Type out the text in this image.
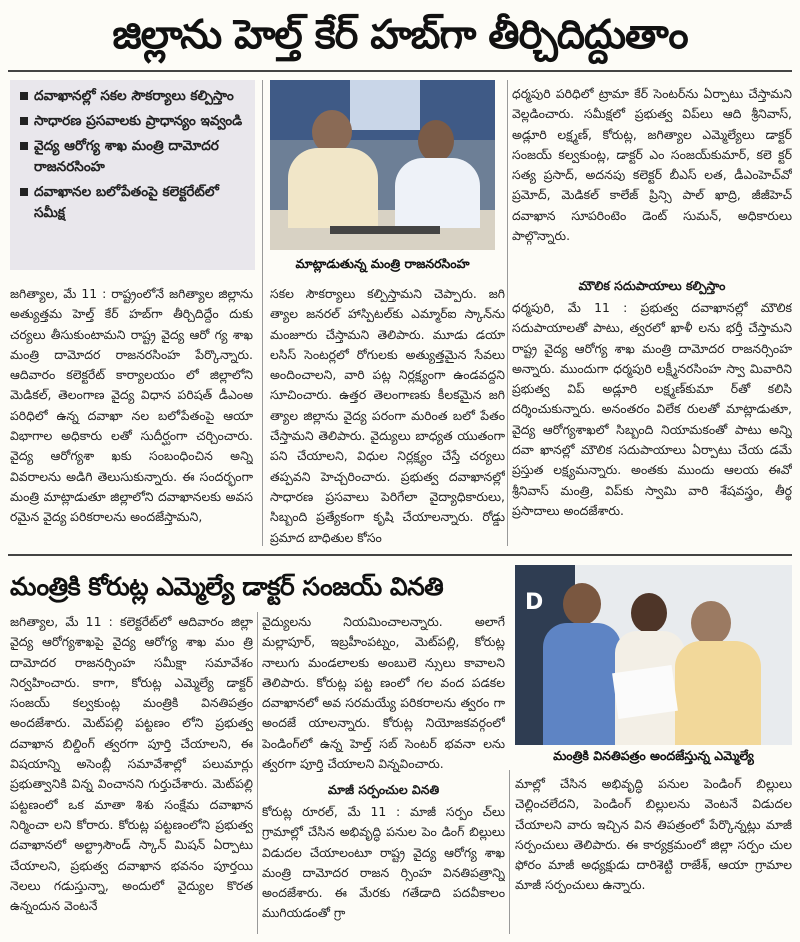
జిల్లాను హెల్త్ కేర్ హబ్‌గా తీర్చిదిద్దుతాం
దవాఖానల్లో సకల సౌకర్యాలు కల్పిస్తాం
సాధారణ ప్రసవాలకు ప్రాధాన్యం ఇవ్వండి
వైద్య ఆరోగ్య శాఖ మంత్రి దామోదర రాజనరసింహ
దవాఖానల బలోపేతంపై కలెక్టరేట్‌లో సమీక్ష
మాట్లాడుతున్న మంత్రి రాజనరసింహ

జగిత్యాల, మే 11 : రాష్ట్రంలోనే జగిత్యాల జిల్లాను అత్యుత్తమ హెల్త్ కేర్ హబ్‌గా తీర్చిదిద్దేం దుకు చర్యలు తీసుకుంటామని రాష్ట్ర వైద్య ఆరో గ్య శాఖ మంత్రి దామోదర రాజనరసింహ పేర్కొన్నారు. ఆదివారం కలెక్టరేట్ కార్యాలయం లో జిల్లాలోని మెడికల్, తెలంగాణ వైద్య విధాన పరిషత్ డీఎంఅ పరిధిలో ఉన్న దవాఖా నల బలోపేతంపై ఆయా విభాగాల అధికారు లతో సుదీర్ఘంగా చర్చించారు. వైద్య ఆరోగ్యశా ఖకు సంబంధించిన అన్ని వివరాలను అడిగి తెలుసుకున్నారు. ఈ సందర్భంగా మంత్రి మాట్లాడుతూ జిల్లాలోని దవాఖానలకు అవస రమైన వైద్య పరికరాలను అందజేస్తామని,

సకల సౌకర్యాలు కల్పిస్తామని చెప్పారు. జగి త్యాల జనరల్ హాస్పిటల్‌కు ఎమ్మార్ఐ స్కాన్‌ను మంజూరు చేస్తామని తెలిపారు. మూడు డయా లసిస్ సెంటర్లలో రోగులకు అత్యుత్తమైన సేవలు అందించాలని, వారి పట్ల నిర్లక్ష్యంగా ఉండవద్దని సూచించారు. ఉత్తర తెలంగాణకు కీలకమైన జగి త్యాల జిల్లాను వైద్య పరంగా మరింత బలో పేతం చేస్తామని తెలిపారు. వైద్యులు బాధ్యత యుతంగా పని చేయాలని, విధుల నిర్లక్ష్యం చేస్తే చర్యలు తప్పవని హెచ్చరించారు. ప్రభుత్వ దవాఖానల్లో సాధారణ ప్రసవాలు పెరిగేలా వైద్యాధికారులు, సిబ్బంది ప్రత్యేకంగా కృషి చేయాలన్నారు. రోడ్డు ప్రమాద బాధితుల కోసం

ధర్మపురి పరిధిలో ట్రామా కేర్ సెంటర్‌ను ఏర్పాటు చేస్తామని వెల్లడించారు. సమీక్షలో ప్రభుత్వ విప్‌లు ఆది శ్రీనివాస్, అడ్లూరి లక్ష్మణ్, కోరుట్ల, జగిత్యాల ఎమ్మెల్యేలు డాక్టర్ సంజయ్ కల్వకుంట్ల, డాక్టర్ ఎం సంజయ్‌కుమార్, కలె క్టర్ సత్య ప్రసాద్, అదనపు కలెక్టర్ బీఎస్ లత, డీఎంహెచ్‌వో ప్రమోద్, మెడికల్ కాలేజ్ ప్రిన్సి పాల్ ఖాద్రి, జీజీహెచ్ దవాఖాన సూపరింటెం డెంట్ సుమన్, అధికారులు పాల్గొన్నారు.

మౌలిక సదుపాయాలు కల్పిస్తాం

ధర్మపురి, మే 11 : ప్రభుత్వ దవాఖానల్లో మౌలిక సదుపాయాలతో పాటు, త్వరలో ఖాళీ లను భర్తీ చేస్తామని రాష్ట్ర వైద్య ఆరోగ్య శాఖ మంత్రి దామోదర రాజనర్సింహ అన్నారు. ముందుగా ధర్మపురి లక్ష్మీనరసింహ స్వా మివారిని ప్రభుత్వ విప్ అడ్లూరి లక్ష్మణ్‌కుమా ర్‌తో కలిసి దర్శించుకున్నారు. అనంతరం విలేక రులతో మాట్లాడుతూ, వైద్య ఆరోగ్యశాఖలో సిబ్బంది నియామకంతో పాటు అన్ని దవా ఖానల్లో మౌలిక సదుపాయాలు ఏర్పాటు చేయ డమే ప్రస్తుత లక్ష్యమన్నారు. అంతకు ముందు ఆలయ ఈవో శ్రీనివాస్ మంత్రి, విప్‌కు స్వామి వారి శేషవస్త్రం, తీర్థ ప్రసాదాలు అందజేశారు.

మంత్రికి కోరుట్ల ఎమ్మెల్యే డాక్టర్ సంజయ్ వినతి
D
మంత్రికి వినతిపత్రం అందజేస్తున్న ఎమ్మెల్యే

జగిత్యాల, మే 11 : కలెక్టరేట్‌లో ఆదివారం జిల్లా వైద్య ఆరోగ్యశాఖపై వైద్య ఆరోగ్య శాఖ మం త్రి దామోదర రాజనర్సింహ సమీక్షా సమావేశం నిర్వహించారు. కాగా, కోరుట్ల ఎమ్మెల్యే డాక్టర్ సంజయ్ కల్వకుంట్ల మంత్రికి వినతిపత్రం అందజేశారు. మెట్‌పల్లి పట్టణం లోని ప్రభుత్వ దవాఖాన బిల్డింగ్ త్వరగా పూర్తి చేయాలని, ఈ విషయాన్ని అసెంబ్లీ సమావేశాల్లో పలుమార్లు ప్రభుత్వానికి విన్న వించానని గుర్తుచేశారు. మెట్‌పల్లి పట్టణంలో ఒక మాతా శిశు సంక్షేమ దవాఖాన నిర్మించా లని కోరారు. కోరుట్ల పట్టణంలోని ప్రభుత్వ దవాఖానలో అల్ట్రాసౌండ్ స్కాన్ మిషన్ ఏర్పాటు చేయాలని, ప్రభుత్వ దవాఖాన భవనం పూర్తయి నెలలు గడుస్తున్నా, అందులో వైద్యుల కొరత ఉన్నందున వెంటనే

వైద్యులను నియమించాలన్నారు. అలాగే మల్లాపూర్, ఇబ్రహీంపట్నం, మెట్‌పల్లి, కోరుట్ల నాలుగు మండలాలకు అంబులె న్సులు కావాలని తెలిపారు. కోరుట్ల పట్ట ణంలో గల వంద పడకల దవాఖానలో అవ సరమయ్యే పరికరాలను త్వరం గా అందజే యాలన్నారు. కోరుట్ల నియోజకవర్గంలో పెండింగ్‌లో ఉన్న హెల్త్ సబ్ సెంటర్ భవనా లను త్వరగా పూర్తి చేయాలని విన్నవించారు.

మాజీ సర్పంచుల వినతి

కోరుట్ల రూరల్, మే 11 : మాజీ సర్పం చ్‌లు గ్రామాల్లో చేసిన అభివృద్ధి పనుల పెం డింగ్ బిల్లులు విడుదల చేయాలంటూ రాష్ట్ర వైద్య ఆరోగ్య శాఖ మంత్రి దామోదర రాజన ర్సింహ వినతిపత్రాన్ని అందజేశారు. ఈ మేరకు గతేడాది పదవీకాలం ముగియడంతో గ్రా

మాల్లో చేసిన అభివృద్ధి పనుల పెండింగ్ బిల్లులు చెల్లించలేదని, పెండింగ్ బిల్లులను వెంటనే విడుదల చేయాలని వారు ఇచ్చిన విన తిపత్రంలో పేర్కొన్నట్లు మాజీ సర్పంచులు తెలిపారు. ఈ కార్యక్రమంలో జిల్లా సర్పం చుల ఫోరం మాజీ అధ్యక్షుడు దారిశెట్టి రాజేశ్, ఆయా గ్రామాల మాజీ సర్పంచులు ఉన్నారు.
